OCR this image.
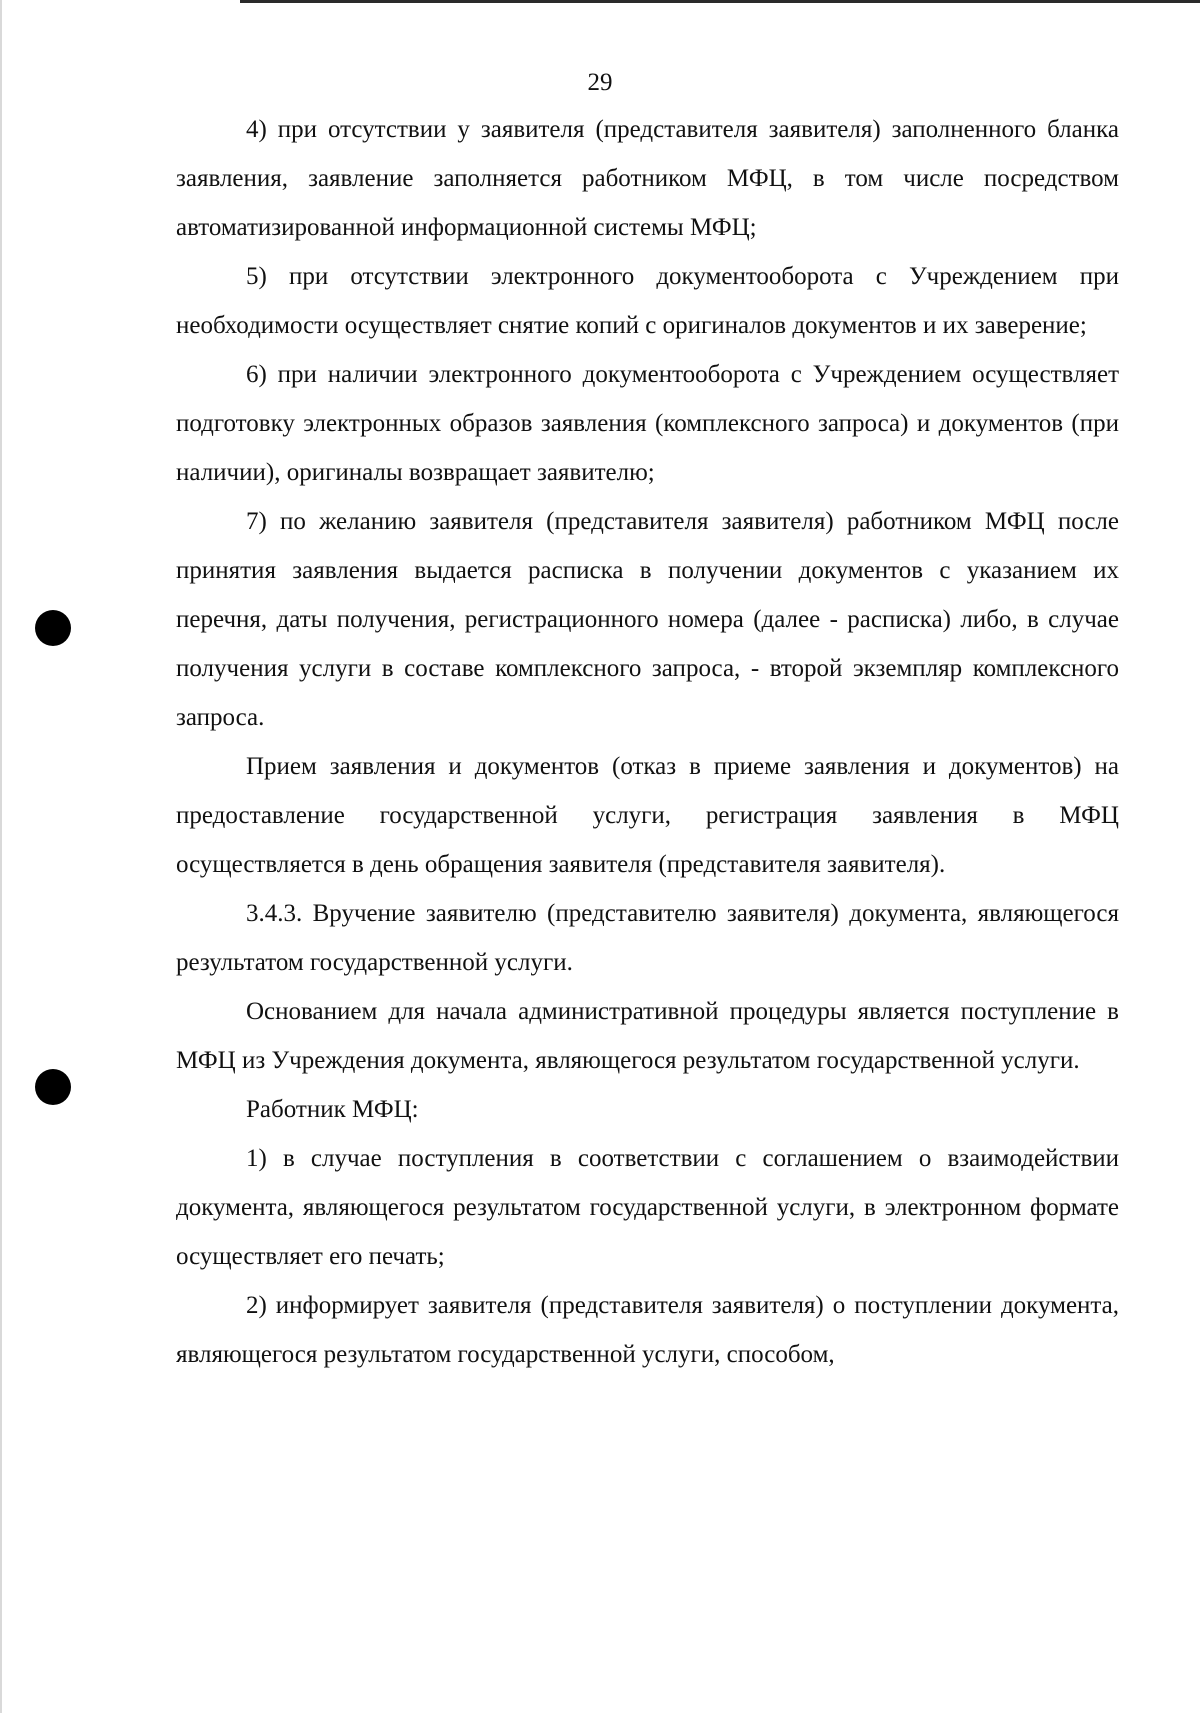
29

4) при отсутствии у заявителя (представителя заявителя) заполненного бланка заявления, заявление заполняется работником МФЦ, в том числе посредством автоматизированной информационной системы МФЦ;

5) при отсутствии электронного документооборота с Учреждением при необходимости осуществляет снятие копий с оригиналов документов и их заверение;

6) при наличии электронного документооборота с Учреждением осуществляет подготовку электронных образов заявления (комплексного запроса) и документов (при наличии), оригиналы возвращает заявителю;

7) по желанию заявителя (представителя заявителя) работником МФЦ после принятия заявления выдается расписка в получении документов с указанием их перечня, даты получения, регистрационного номера (далее - расписка) либо, в случае получения услуги в составе комплексного запроса, - второй экземпляр комплексного запроса.

Прием заявления и документов (отказ в приеме заявления и документов) на предоставление государственной услуги, регистрация заявления в МФЦ осуществляется в день обращения заявителя (представителя заявителя).

3.4.3. Вручение заявителю (представителю заявителя) документа, являющегося результатом государственной услуги.

Основанием для начала административной процедуры является поступление в МФЦ из Учреждения документа, являющегося результатом государственной услуги.

Работник МФЦ:

1) в случае поступления в соответствии с соглашением о взаимодействии документа, являющегося результатом государственной услуги, в электронном формате осуществляет его печать;

2) информирует заявителя (представителя заявителя) о поступлении документа, являющегося результатом государственной услуги, способом,
